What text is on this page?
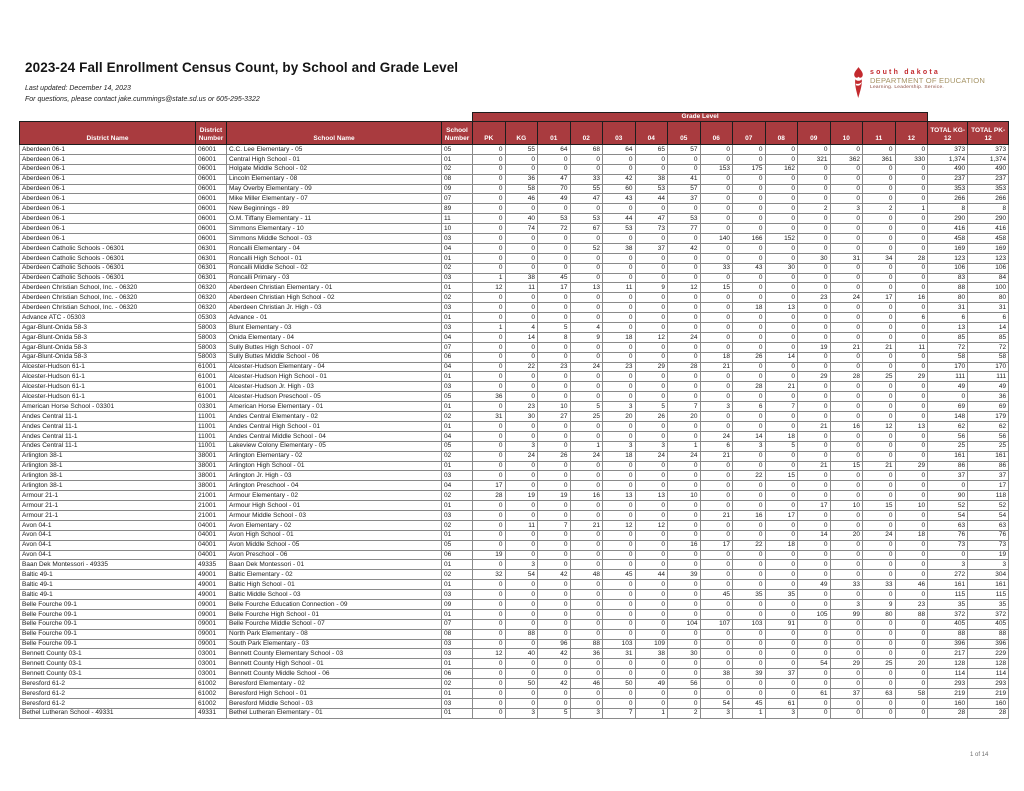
2023-24 Fall Enrollment Census Count, by School and Grade Level
Last updated: December 14, 2023
For questions, please contact jake.cummings@state.sd.us or 605-295-3322
south dakota
DEPARTMENT OF EDUCATION
Learning. Leadership. Service.
				Grade Level															
District Name	District Number	School Name	School Number	PK	KG	01	02	03	04	05	06	07	08	09	10	11	12	TOTAL KG-12	TOTAL PK-12
Aberdeen 06-1	06001	C.C. Lee Elementary - 05	05	0	55	64	68	64	65	57	0	0	0	0	0	0	0	373	373
Aberdeen 06-1	06001	Central High School - 01	01	0	0	0	0	0	0	0	0	0	0	321	362	361	330	1,374	1,374
Aberdeen 06-1	06001	Holgate Middle School - 02	02	0	0	0	0	0	0	0	153	175	162	0	0	0	0	490	490
Aberdeen 06-1	06001	Lincoln Elementary - 08	08	0	36	47	33	42	38	41	0	0	0	0	0	0	0	237	237
Aberdeen 06-1	06001	May Overby Elementary - 09	09	0	58	70	55	60	53	57	0	0	0	0	0	0	0	353	353
Aberdeen 06-1	06001	Mike Miller Elementary - 07	07	0	46	49	47	43	44	37	0	0	0	0	0	0	0	266	266
Aberdeen 06-1	06001	New Beginnings - 89	89	0	0	0	0	0	0	0	0	0	0	2	3	2	1	8	8
Aberdeen 06-1	06001	O.M. Tiffany Elementary - 11	11	0	40	53	53	44	47	53	0	0	0	0	0	0	0	290	290
Aberdeen 06-1	06001	Simmons Elementary - 10	10	0	74	72	67	53	73	77	0	0	0	0	0	0	0	416	416
Aberdeen 06-1	06001	Simmons Middle School - 03	03	0	0	0	0	0	0	0	140	166	152	0	0	0	0	458	458
Aberdeen Catholic Schools - 06301	06301	Roncalli Elementary - 04	04	0	0	0	52	38	37	42	0	0	0	0	0	0	0	169	169
Aberdeen Catholic Schools - 06301	06301	Roncalli High School - 01	01	0	0	0	0	0	0	0	0	0	0	30	31	34	28	123	123
Aberdeen Catholic Schools - 06301	06301	Roncalli Middle School - 02	02	0	0	0	0	0	0	0	33	43	30	0	0	0	0	106	106
Aberdeen Catholic Schools - 06301	06301	Roncalli Primary - 03	03	1	38	45	0	0	0	0	0	0	0	0	0	0	0	83	84
Aberdeen Christian School, Inc. - 06320	06320	Aberdeen Christian Elementary - 01	01	12	11	17	13	11	9	12	15	0	0	0	0	0	0	88	100
Aberdeen Christian School, Inc. - 06320	06320	Aberdeen Christian High School - 02	02	0	0	0	0	0	0	0	0	0	0	23	24	17	16	80	80
Aberdeen Christian School, Inc. - 06320	06320	Aberdeen Christian Jr. High - 03	03	0	0	0	0	0	0	0	0	18	13	0	0	0	0	31	31
Advance ATC - 05303	05303	Advance - 01	01	0	0	0	0	0	0	0	0	0	0	0	0	0	6	6	6
Agar-Blunt-Onida 58-3	58003	Blunt Elementary - 03	03	1	4	5	4	0	0	0	0	0	0	0	0	0	0	13	14
Agar-Blunt-Onida 58-3	58003	Onida Elementary - 04	04	0	14	8	9	18	12	24	0	0	0	0	0	0	0	85	85
Agar-Blunt-Onida 58-3	58003	Sully Buttes High School - 07	07	0	0	0	0	0	0	0	0	0	0	19	21	21	11	72	72
Agar-Blunt-Onida 58-3	58003	Sully Buttes Middle School - 06	06	0	0	0	0	0	0	0	18	26	14	0	0	0	0	58	58
Alcester-Hudson 61-1	61001	Alcester-Hudson Elementary - 04	04	0	22	23	24	23	29	28	21	0	0	0	0	0	0	170	170
Alcester-Hudson 61-1	61001	Alcester-Hudson High School - 01	01	0	0	0	0	0	0	0	0	0	0	29	28	25	29	111	111
Alcester-Hudson 61-1	61001	Alcester-Hudson Jr. High - 03	03	0	0	0	0	0	0	0	0	28	21	0	0	0	0	49	49
Alcester-Hudson 61-1	61001	Alcester-Hudson Preschool - 05	05	36	0	0	0	0	0	0	0	0	0	0	0	0	0	0	36
American Horse School - 03301	03301	American Horse Elementary - 01	01	0	23	10	5	3	5	7	3	6	7	0	0	0	0	69	69
Andes Central 11-1	11001	Andes Central Elementary - 02	02	31	30	27	25	20	26	20	0	0	0	0	0	0	0	148	179
Andes Central 11-1	11001	Andes Central High School - 01	01	0	0	0	0	0	0	0	0	0	0	21	16	12	13	62	62
Andes Central 11-1	11001	Andes Central Middle School - 04	04	0	0	0	0	0	0	0	24	14	18	0	0	0	0	56	56
Andes Central 11-1	11001	Lakeview Colony Elementary - 05	05	0	3	0	1	3	3	1	6	3	5	0	0	0	0	25	25
Arlington 38-1	38001	Arlington Elementary - 02	02	0	24	26	24	18	24	24	21	0	0	0	0	0	0	161	161
Arlington 38-1	38001	Arlington High School - 01	01	0	0	0	0	0	0	0	0	0	0	21	15	21	29	86	86
Arlington 38-1	38001	Arlington Jr. High - 03	03	0	0	0	0	0	0	0	0	22	15	0	0	0	0	37	37
Arlington 38-1	38001	Arlington Preschool - 04	04	17	0	0	0	0	0	0	0	0	0	0	0	0	0	0	17
Armour 21-1	21001	Armour Elementary - 02	02	28	19	19	16	13	13	10	0	0	0	0	0	0	0	90	118
Armour 21-1	21001	Armour High School - 01	01	0	0	0	0	0	0	0	0	0	0	17	10	15	10	52	52
Armour 21-1	21001	Armour Middle School - 03	03	0	0	0	0	0	0	0	21	16	17	0	0	0	0	54	54
Avon 04-1	04001	Avon Elementary - 02	02	0	11	7	21	12	12	0	0	0	0	0	0	0	0	63	63
Avon 04-1	04001	Avon High School - 01	01	0	0	0	0	0	0	0	0	0	0	14	20	24	18	76	76
Avon 04-1	04001	Avon Middle School - 05	05	0	0	0	0	0	0	16	17	22	18	0	0	0	0	73	73
Avon 04-1	04001	Avon Preschool - 06	06	19	0	0	0	0	0	0	0	0	0	0	0	0	0	0	19
Baan Dek Montessori - 49335	49335	Baan Dek Montessori - 01	01	0	3	0	0	0	0	0	0	0	0	0	0	0	0	3	3
Baltic 49-1	49001	Baltic Elementary - 02	02	32	54	42	48	45	44	39	0	0	0	0	0	0	0	272	304
Baltic 49-1	49001	Baltic High School - 01	01	0	0	0	0	0	0	0	0	0	0	49	33	33	46	161	161
Baltic 49-1	49001	Baltic Middle School - 03	03	0	0	0	0	0	0	0	45	35	35	0	0	0	0	115	115
Belle Fourche 09-1	09001	Belle Fourche Education Connection - 09	09	0	0	0	0	0	0	0	0	0	0	0	3	9	23	35	35
Belle Fourche 09-1	09001	Belle Fourche High School - 01	01	0	0	0	0	0	0	0	0	0	0	105	99	80	88	372	372
Belle Fourche 09-1	09001	Belle Fourche Middle School - 07	07	0	0	0	0	0	0	104	107	103	91	0	0	0	0	405	405
Belle Fourche 09-1	09001	North Park Elementary - 08	08	0	88	0	0	0	0	0	0	0	0	0	0	0	0	88	88
Belle Fourche 09-1	09001	South Park Elementary - 03	03	0	0	96	88	103	109	0	0	0	0	0	0	0	0	396	396
Bennett County 03-1	03001	Bennett County Elementary School - 03	03	12	40	42	36	31	38	30	0	0	0	0	0	0	0	217	229
Bennett County 03-1	03001	Bennett County High School - 01	01	0	0	0	0	0	0	0	0	0	0	54	29	25	20	128	128
Bennett County 03-1	03001	Bennett County Middle School - 06	06	0	0	0	0	0	0	0	38	39	37	0	0	0	0	114	114
Beresford 61-2	61002	Beresford Elementary - 02	02	0	50	42	46	50	49	56	0	0	0	0	0	0	0	293	293
Beresford 61-2	61002	Beresford High School - 01	01	0	0	0	0	0	0	0	0	0	0	61	37	63	58	219	219
Beresford 61-2	61002	Beresford Middle School - 03	03	0	0	0	0	0	0	0	54	45	61	0	0	0	0	160	160
Bethel Lutheran School - 49331	49331	Bethel Lutheran Elementary - 01	01	0	3	5	3	7	1	2	3	1	3	0	0	0	0	28	28
1 of 14
